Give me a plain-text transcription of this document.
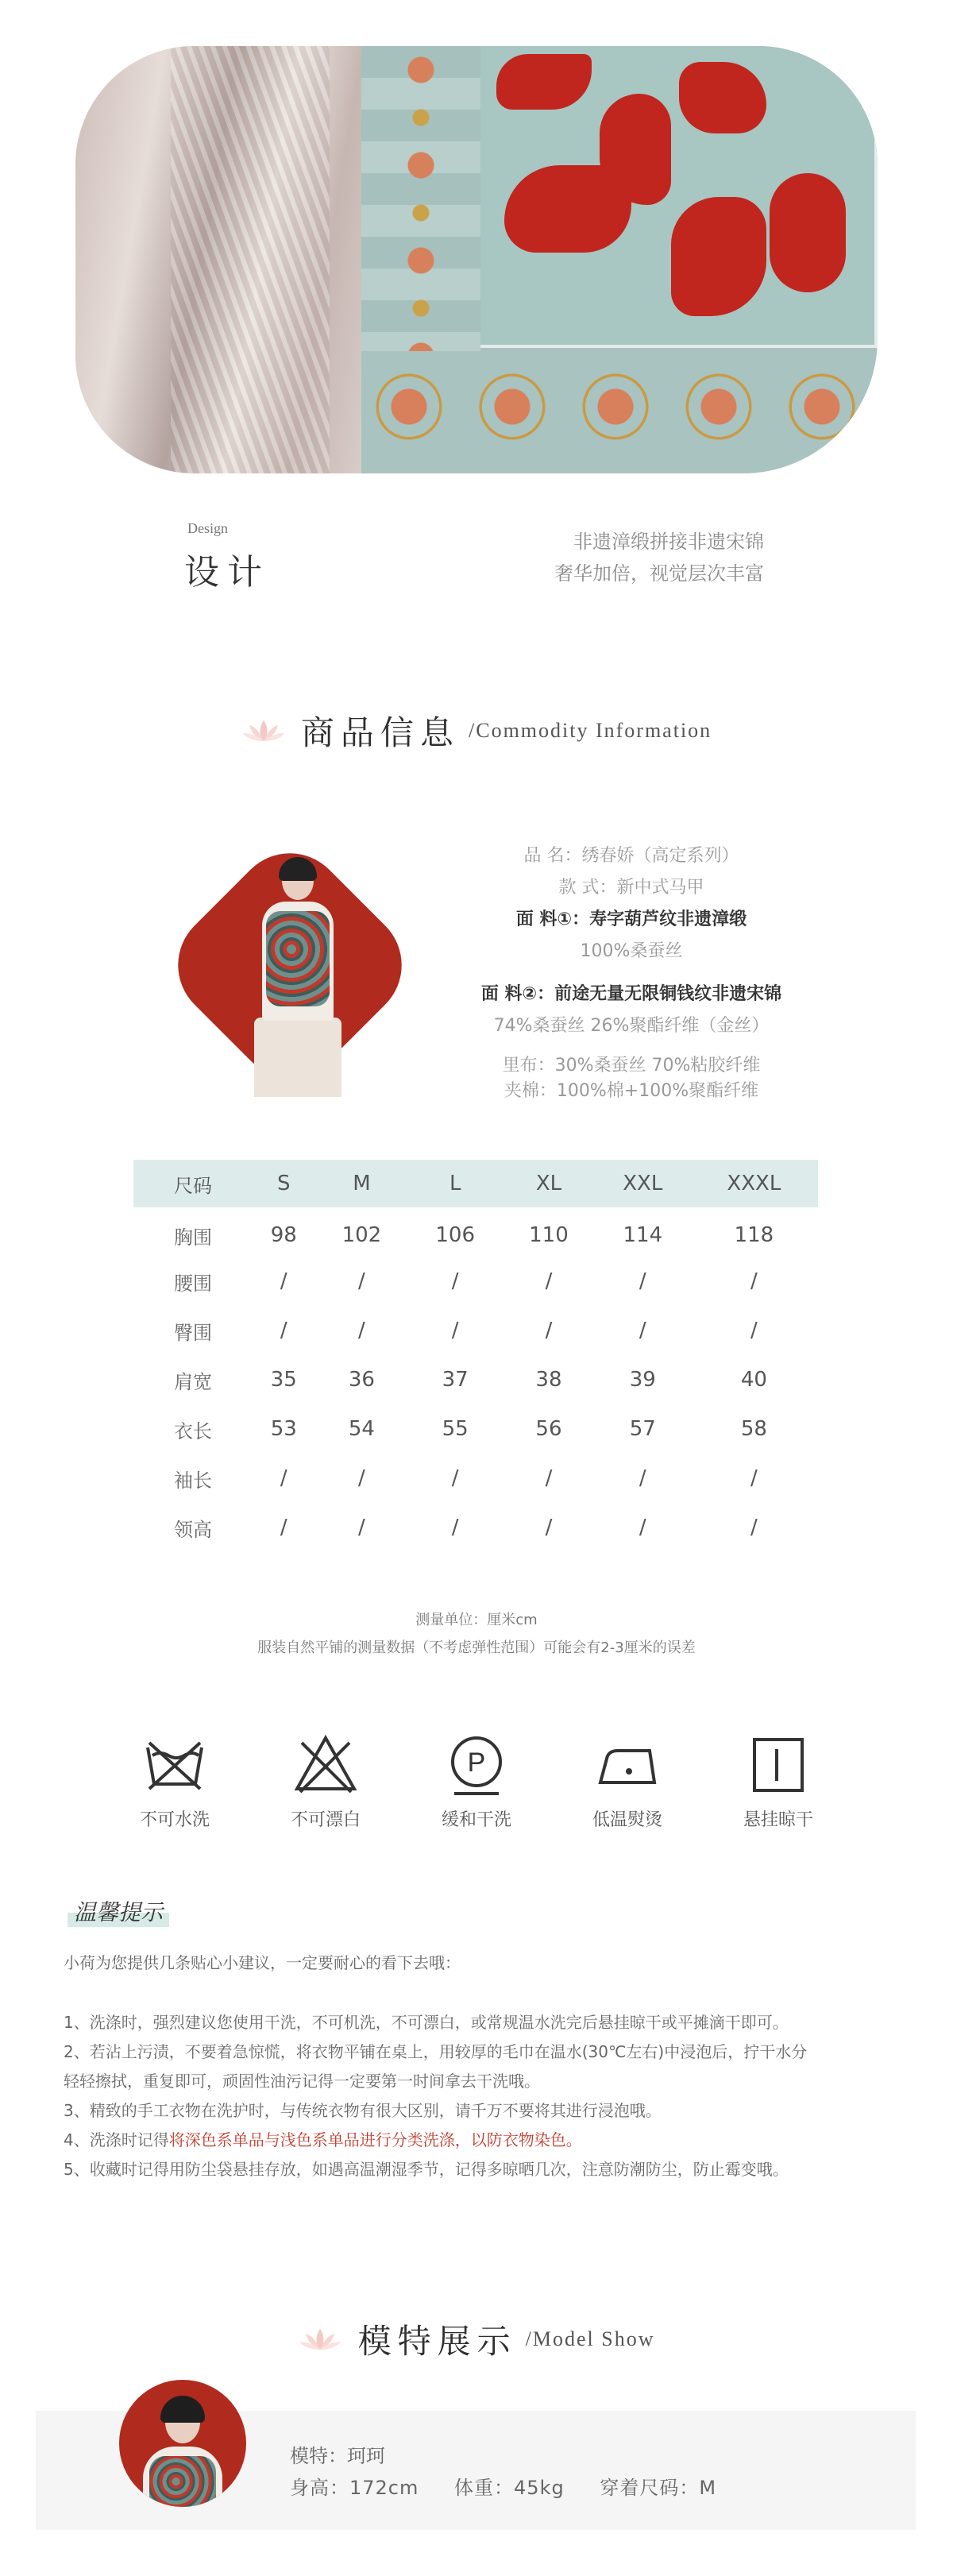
Design
设计
非遗漳缎拼接非遗宋锦
奢华加倍，视觉层次丰富
商品信息 /Commodity Information
品 名：绣春娇（高定系列）
款 式：新中式马甲
面 料①：寿字葫芦纹非遗漳缎
100%桑蚕丝
面 料②：前途无量无限铜钱纹非遗宋锦
74%桑蚕丝 26%聚酯纤维（金丝）
里布：30%桑蚕丝 70%粘胶纤维
夹棉：100%棉+100%聚酯纤维
尺码	S	M	L	XL	XXL	XXXL
胸围	98	102	106	110	114	118
腰围	/	/	/	/	/	/
臀围	/	/	/	/	/	/
肩宽	35	36	37	38	39	40
衣长	53	54	55	56	57	58
袖长	/	/	/	/	/	/
领高	/	/	/	/	/	/
测量单位：厘米cm
服装自然平铺的测量数据（不考虑弹性范围）可能会有2-3厘米的误差
不可水洗	不可漂白
P
缓和干洗	低温熨烫	悬挂晾干
温馨提示
小荷为您提供几条贴心小建议，一定要耐心的看下去哦：
1、洗涤时，强烈建议您使用干洗，不可机洗，不可漂白，或常规温水洗完后悬挂晾干或平摊滴干即可。
2、若沾上污渍，不要着急惊慌，将衣物平铺在桌上，用较厚的毛巾在温水(30℃左右)中浸泡后，拧干水分
轻轻擦拭，重复即可，顽固性油污记得一定要第一时间拿去干洗哦。
3、精致的手工衣物在洗护时，与传统衣物有很大区别，请千万不要将其进行浸泡哦。
4、洗涤时记得将深色系单品与浅色系单品进行分类洗涤，以防衣物染色。
5、收藏时记得用防尘袋悬挂存放，如遇高温潮湿季节，记得多晾晒几次，注意防潮防尘，防止霉变哦。
模特展示 /Model Show
模特：珂珂
身高：172cm 体重：45kg 穿着尺码：M
